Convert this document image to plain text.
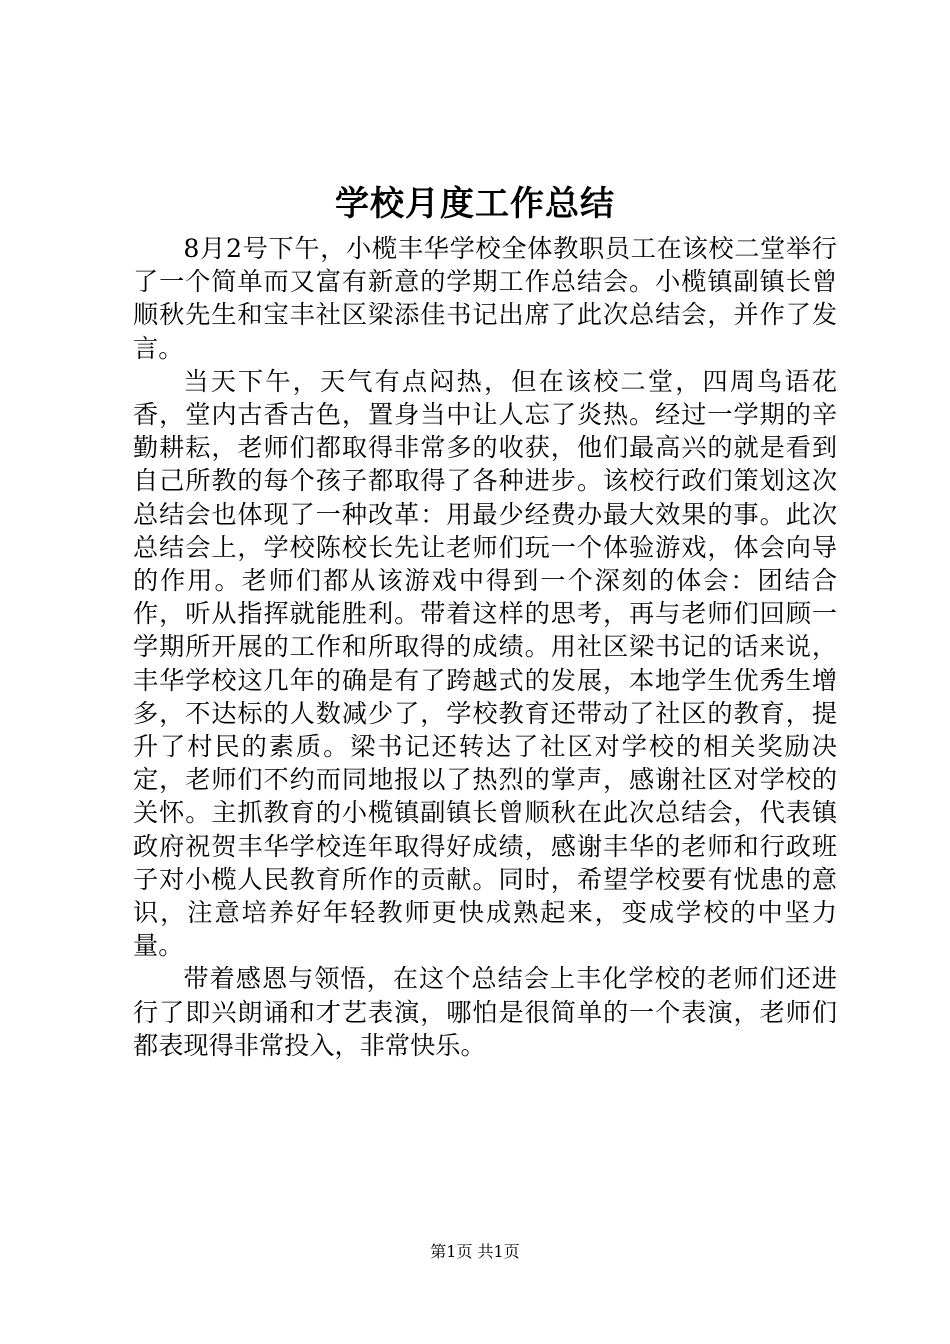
学校月度工作总结

8月2号下午，小榄丰华学校全体教职员工在该校二堂举行了一个简单而又富有新意的学期工作总结会。小榄镇副镇长曾顺秋先生和宝丰社区梁添佳书记出席了此次总结会，并作了发言。

当天下午，天气有点闷热，但在该校二堂，四周鸟语花香，堂内古香古色，置身当中让人忘了炎热。经过一学期的辛勤耕耘，老师们都取得非常多的收获，他们最高兴的就是看到自己所教的每个孩子都取得了各种进步。该校行政们策划这次总结会也体现了一种改革：用最少经费办最大效果的事。此次总结会上，学校陈校长先让老师们玩一个体验游戏，体会向导的作用。老师们都从该游戏中得到一个深刻的体会：团结合作，听从指挥就能胜利。带着这样的思考，再与老师们回顾一学期所开展的工作和所取得的成绩。用社区梁书记的话来说，丰华学校这几年的确是有了跨越式的发展，本地学生优秀生增多，不达标的人数减少了，学校教育还带动了社区的教育，提升了村民的素质。梁书记还转达了社区对学校的相关奖励决定，老师们不约而同地报以了热烈的掌声，感谢社区对学校的关怀。主抓教育的小榄镇副镇长曾顺秋在此次总结会，代表镇政府祝贺丰华学校连年取得好成绩，感谢丰华的老师和行政班子对小榄人民教育所作的贡献。同时，希望学校要有忧患的意识，注意培养好年轻教师更快成熟起来，变成学校的中坚力量。

带着感恩与领悟，在这个总结会上丰化学校的老师们还进行了即兴朗诵和才艺表演，哪怕是很简单的一个表演，老师们都表现得非常投入，非常快乐。

第1页 共1页
